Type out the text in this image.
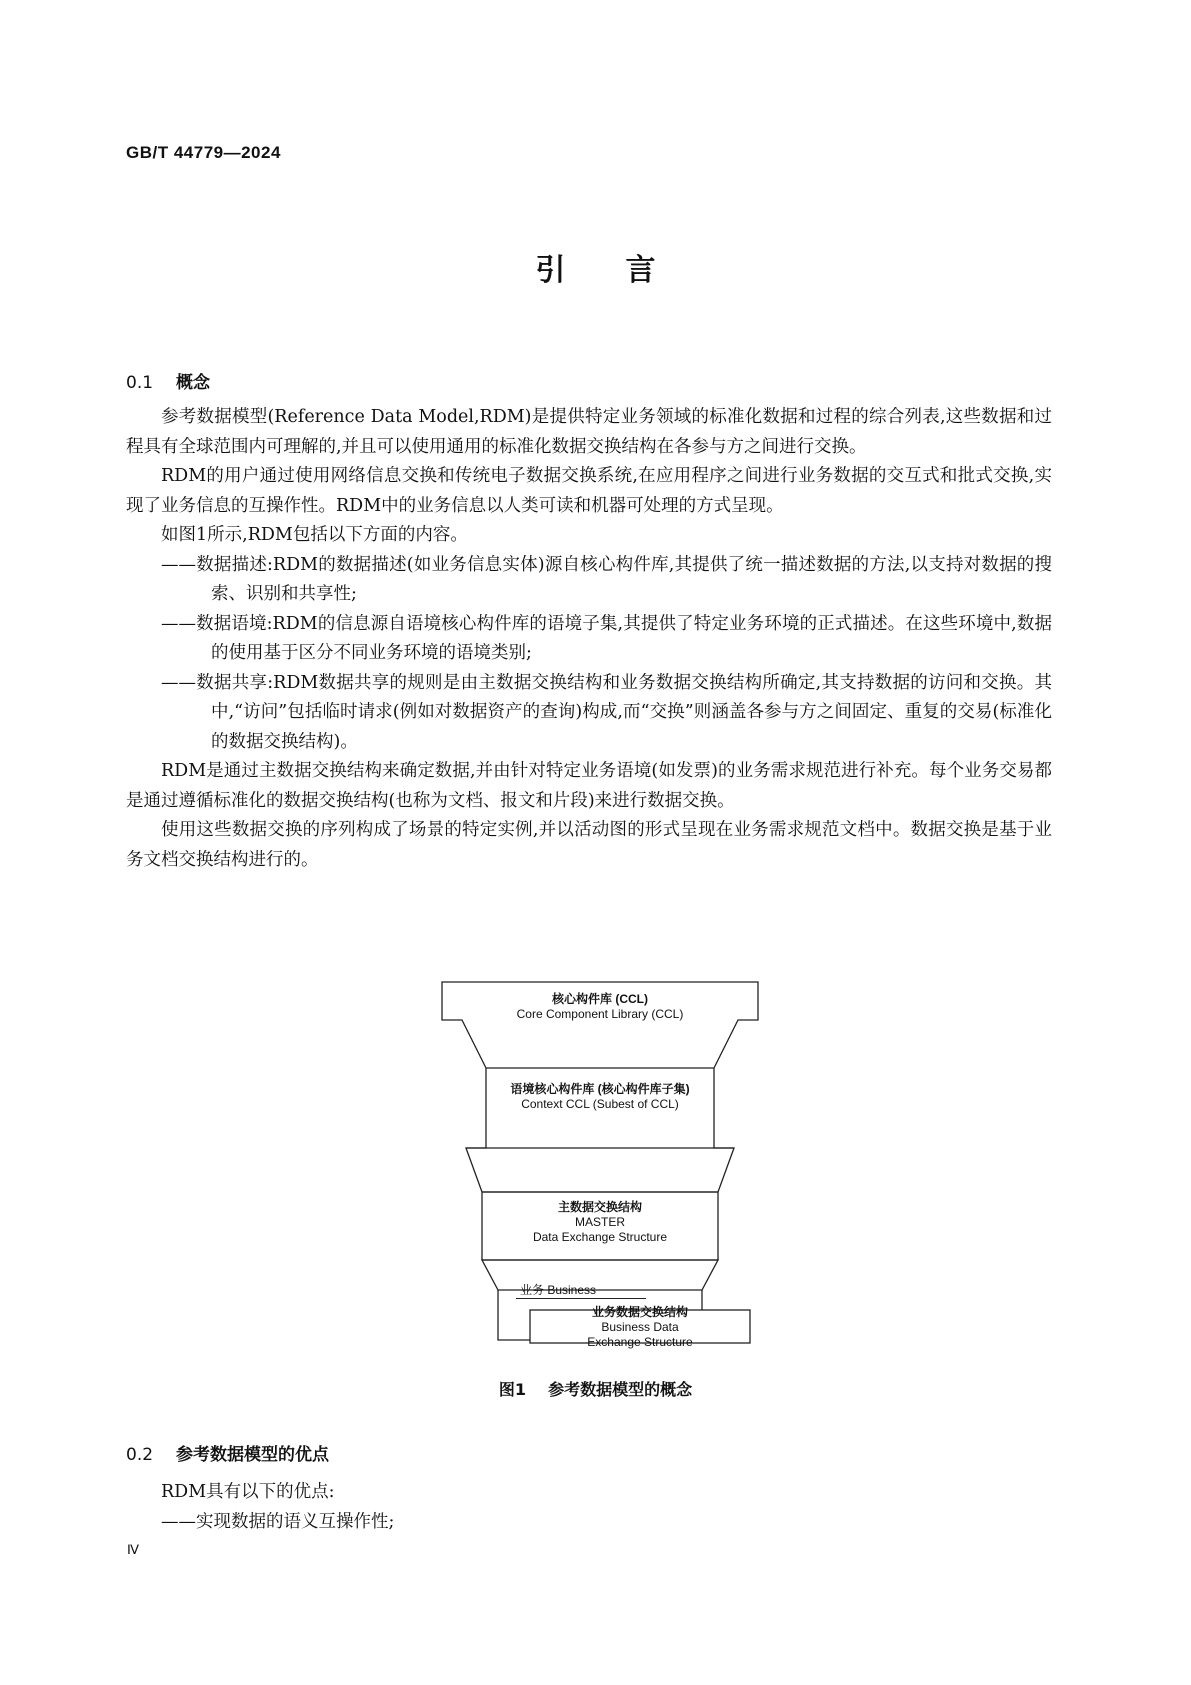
GB/T 44779—2024
引言
0.1 概念

参考数据模型(Reference Data Model,RDM)是提供特定业务领域的标准化数据和过程的综合列表,这些数据和过程具有全球范围内可理解的,并且可以使用通用的标准化数据交换结构在各参与方之间进行交换。

RDM的用户通过使用网络信息交换和传统电子数据交换系统,在应用程序之间进行业务数据的交互式和批式交换,实现了业务信息的互操作性。RDM中的业务信息以人类可读和机器可处理的方式呈现。

如图1所示,RDM包括以下方面的内容。

——数据描述:RDM的数据描述(如业务信息实体)源自核心构件库,其提供了统一描述数据的方法,以支持对数据的搜索、识别和共享性;
——数据语境:RDM的信息源自语境核心构件库的语境子集,其提供了特定业务环境的正式描述。在这些环境中,数据的使用基于区分不同业务环境的语境类别;
——数据共享:RDM数据共享的规则是由主数据交换结构和业务数据交换结构所确定,其支持数据的访问和交换。其中,“访问”包括临时请求(例如对数据资产的查询)构成,而“交换”则涵盖各参与方之间固定、重复的交易(标准化的数据交换结构)。

RDM是通过主数据交换结构来确定数据,并由针对特定业务语境(如发票)的业务需求规范进行补充。每个业务交易都是通过遵循标准化的数据交换结构(也称为文档、报文和片段)来进行数据交换。

使用这些数据交换的序列构成了场景的特定实例,并以活动图的形式呈现在业务需求规范文档中。数据交换是基于业务文档交换结构进行的。

核心构件库 (CCL)
Core Component Library (CCL)
语境核心构件库 (核心构件库子集)
Context CCL (Subest of CCL)
主数据交换结构
MASTER
Data Exchange Structure
业务 Business
业务数据交换结构
Business Data
Exchange Structure
图1 参考数据模型的概念
0.2 参考数据模型的优点

RDM具有以下的优点:

——实现数据的语义互操作性;
Ⅳ
